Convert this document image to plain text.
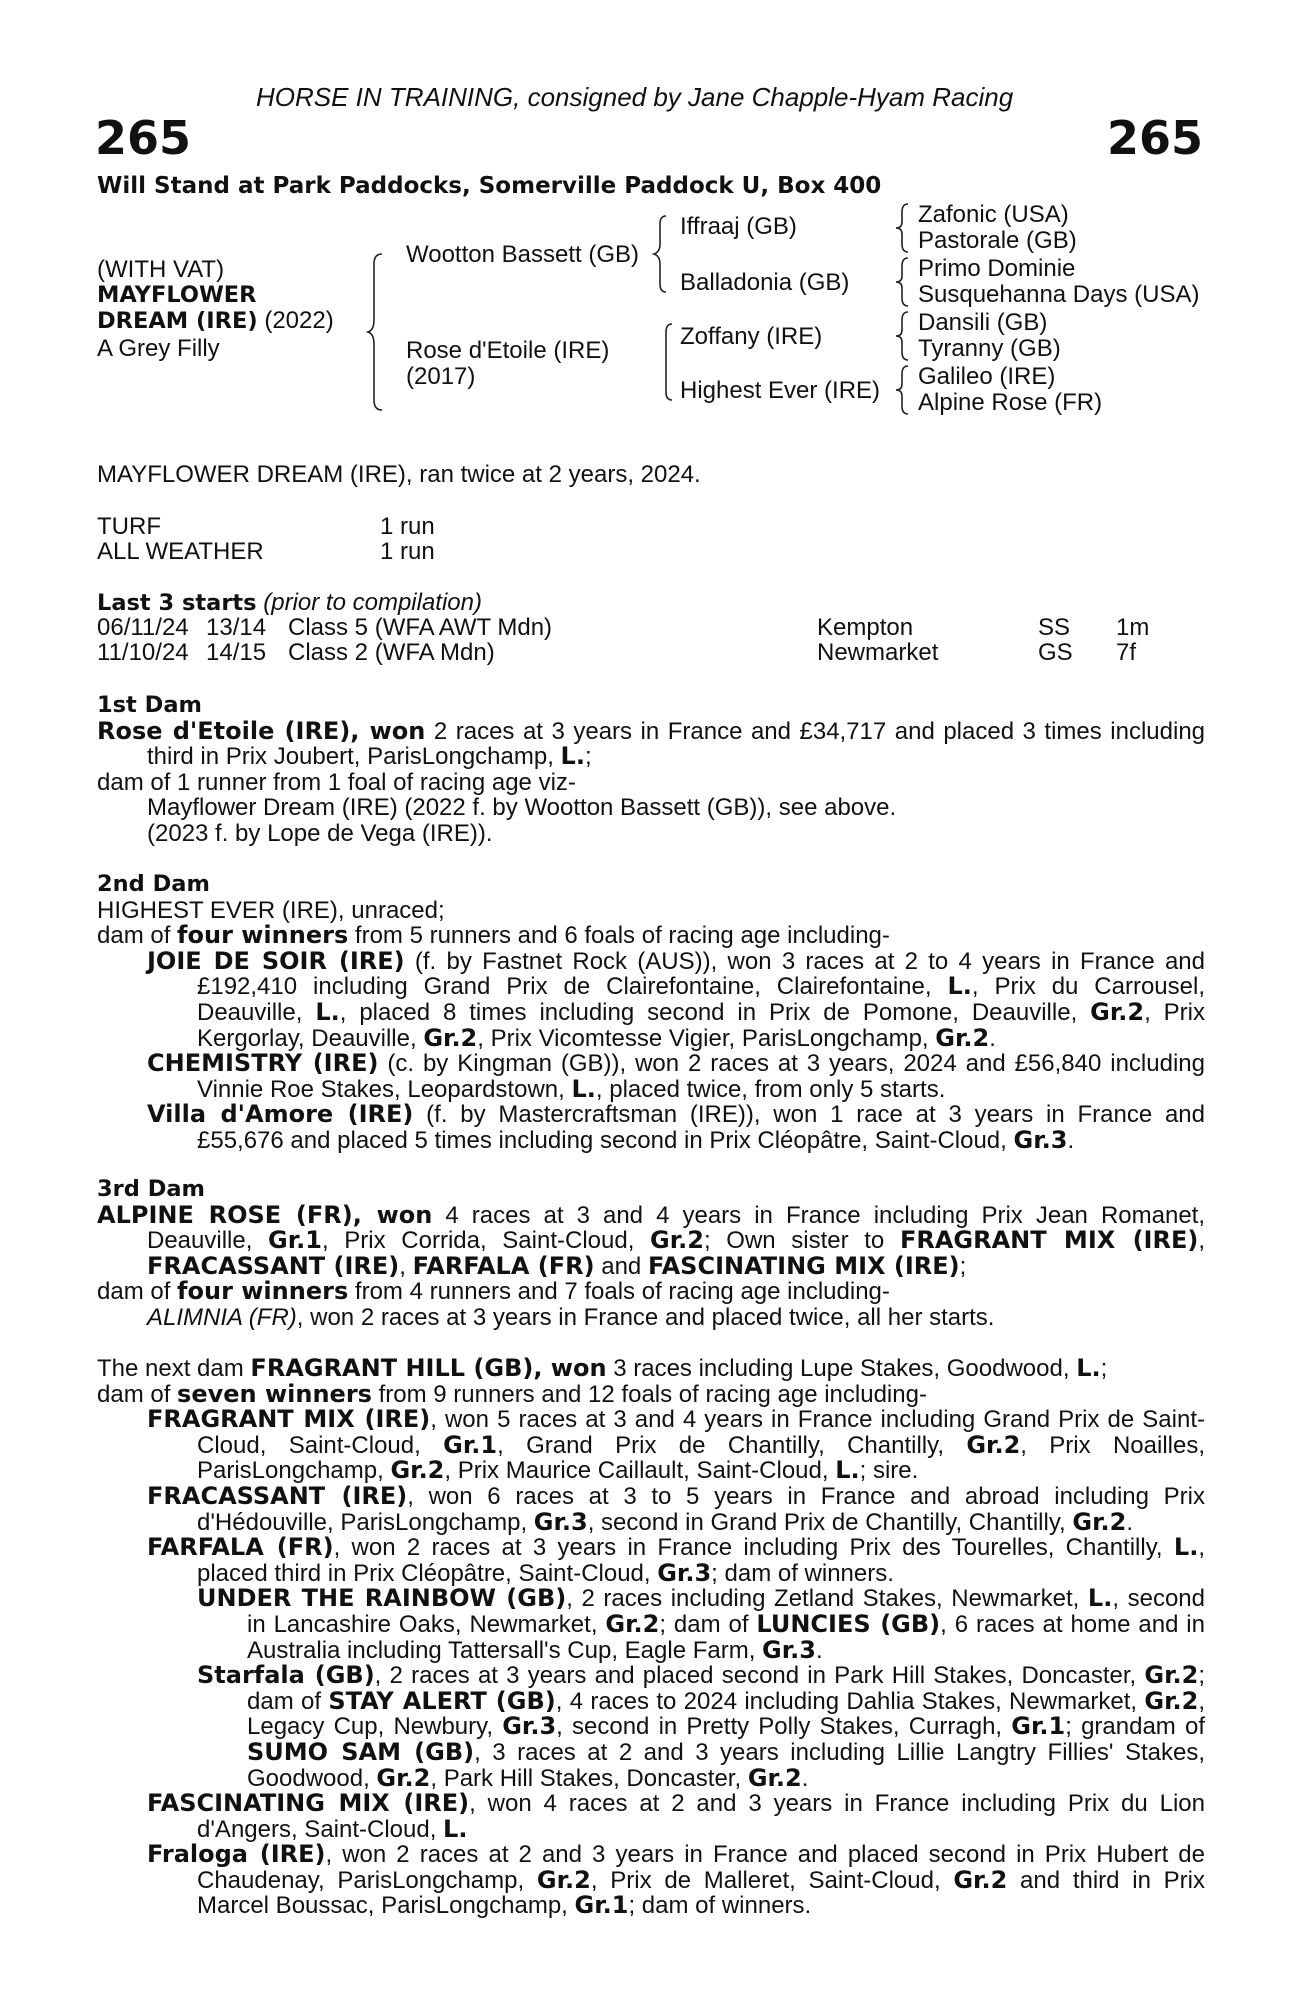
HORSE IN TRAINING, consigned by Jane Chapple-Hyam Racing
265	265
Will Stand at Park Paddocks, Somerville Paddock U, Box 400
(WITH VAT)
MAYFLOWER
DREAM (IRE) (2022)
A Grey Filly
Wootton Bassett (GB)
Rose d'Etoile (IRE)
(2017)
Iffraaj (GB)
Balladonia (GB)
Zoffany (IRE)
Highest Ever (IRE)
Zafonic (USA)
Pastorale (GB)
Primo Dominie
Susquehanna Days (USA)
Dansili (GB)
Tyranny (GB)
Galileo (IRE)
Alpine Rose (FR)
MAYFLOWER DREAM (IRE), ran twice at 2 years, 2024.
TURF	1 run
ALL WEATHER	1 run
Last 3 starts (prior to compilation)
06/11/24 13/14 Class 5 (WFA AWT Mdn)	Kempton	SS 1m
11/10/24 14/15 Class 2 (WFA Mdn)	Newmarket	GS 7f

1st Dam

Rose d'Etoile (IRE), won 2 races at 3 years in France and £34,717 and placed 3 times including third in Prix Joubert, ParisLongchamp, L.;

dam of 1 runner from 1 foal of racing age viz-

Mayflower Dream (IRE) (2022 f. by Wootton Bassett (GB)), see above.

(2023 f. by Lope de Vega (IRE)).

2nd Dam

HIGHEST EVER (IRE), unraced;

dam of four winners from 5 runners and 6 foals of racing age including-

JOIE DE SOIR (IRE) (f. by Fastnet Rock (AUS)), won 3 races at 2 to 4 years in France and £192,410 including Grand Prix de Clairefontaine, Clairefontaine, L., Prix du Carrousel, Deauville, L., placed 8 times including second in Prix de Pomone, Deauville, Gr.2, Prix Kergorlay, Deauville, Gr.2, Prix Vicomtesse Vigier, ParisLongchamp, Gr.2.

CHEMISTRY (IRE) (c. by Kingman (GB)), won 2 races at 3 years, 2024 and £56,840 including Vinnie Roe Stakes, Leopardstown, L., placed twice, from only 5 starts.

Villa d'Amore (IRE) (f. by Mastercraftsman (IRE)), won 1 race at 3 years in France and £55,676 and placed 5 times including second in Prix Cléopâtre, Saint-Cloud, Gr.3.

3rd Dam

ALPINE ROSE (FR), won 4 races at 3 and 4 years in France including Prix Jean Romanet, Deauville, Gr.1, Prix Corrida, Saint-Cloud, Gr.2; Own sister to FRAGRANT MIX (IRE), FRACASSANT (IRE), FARFALA (FR) and FASCINATING MIX (IRE);

dam of four winners from 4 runners and 7 foals of racing age including-

ALIMNIA (FR), won 2 races at 3 years in France and placed twice, all her starts.

The next dam FRAGRANT HILL (GB), won 3 races including Lupe Stakes, Goodwood, L.;

dam of seven winners from 9 runners and 12 foals of racing age including-

FRAGRANT MIX (IRE), won 5 races at 3 and 4 years in France including Grand Prix de Saint-Cloud, Saint-Cloud, Gr.1, Grand Prix de Chantilly, Chantilly, Gr.2, Prix Noailles, ParisLongchamp, Gr.2, Prix Maurice Caillault, Saint-Cloud, L.; sire.

FRACASSANT (IRE), won 6 races at 3 to 5 years in France and abroad including Prix d'Hédouville, ParisLongchamp, Gr.3, second in Grand Prix de Chantilly, Chantilly, Gr.2.

FARFALA (FR), won 2 races at 3 years in France including Prix des Tourelles, Chantilly, L., placed third in Prix Cléopâtre, Saint-Cloud, Gr.3; dam of winners.

UNDER THE RAINBOW (GB), 2 races including Zetland Stakes, Newmarket, L., second in Lancashire Oaks, Newmarket, Gr.2; dam of LUNCIES (GB), 6 races at home and in Australia including Tattersall's Cup, Eagle Farm, Gr.3.

Starfala (GB), 2 races at 3 years and placed second in Park Hill Stakes, Doncaster, Gr.2; dam of STAY ALERT (GB), 4 races to 2024 including Dahlia Stakes, Newmarket, Gr.2, Legacy Cup, Newbury, Gr.3, second in Pretty Polly Stakes, Curragh, Gr.1; grandam of SUMO SAM (GB), 3 races at 2 and 3 years including Lillie Langtry Fillies' Stakes, Goodwood, Gr.2, Park Hill Stakes, Doncaster, Gr.2.

FASCINATING MIX (IRE), won 4 races at 2 and 3 years in France including Prix du Lion d'Angers, Saint-Cloud, L.

Fraloga (IRE), won 2 races at 2 and 3 years in France and placed second in Prix Hubert de Chaudenay, ParisLongchamp, Gr.2, Prix de Malleret, Saint-Cloud, Gr.2 and third in Prix Marcel Boussac, ParisLongchamp, Gr.1; dam of winners.
